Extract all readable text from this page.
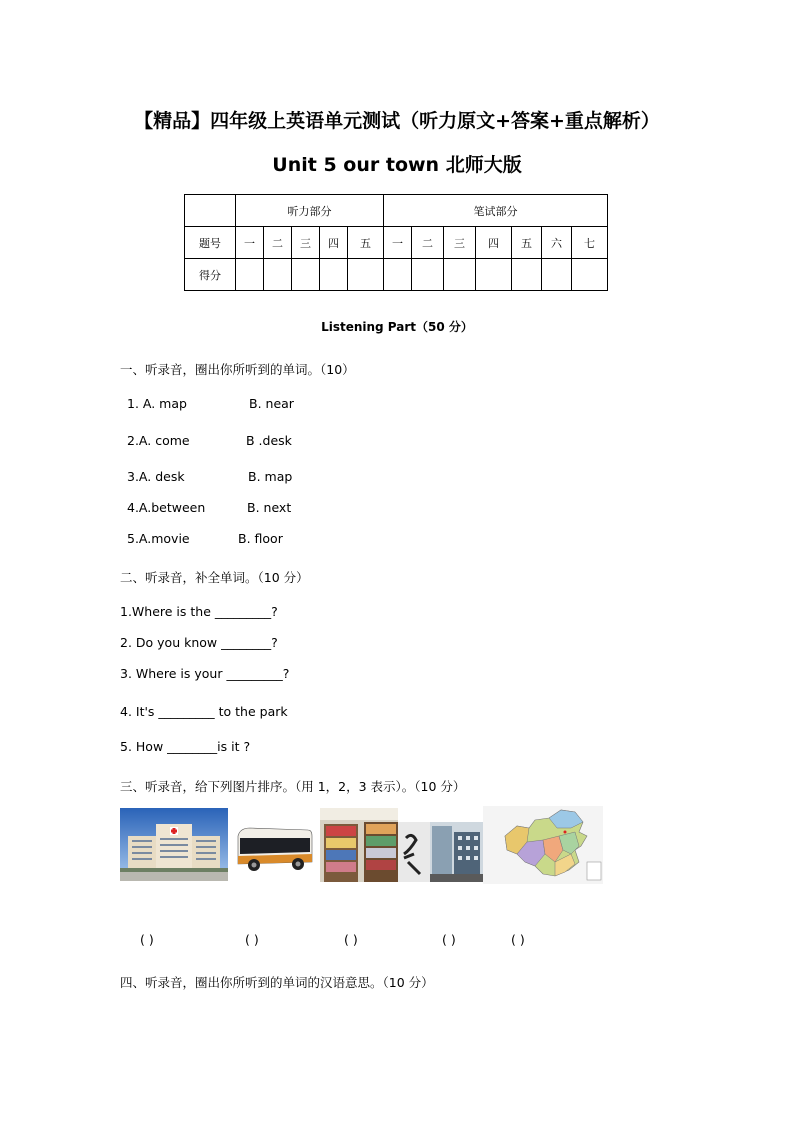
【精品】四年级上英语单元测试（听力原文+答案+重点解析）
Unit 5 our town 北师大版
	听力部分					笔试部分						
题号	一	二	三	四	五	一	二	三	四	五	六	七
得分												
Listening Part（50 分）
一、听录音，圈出你所听到的单词。（10）
1. A. map	B. near
2.A. come	B .desk
3.A. desk	B. map
4.A.between	B. next
5.A.movie	B. floor
二、听录音，补全单词。（10 分）
1.Where is the _________?
2. Do you know ________?
3. Where is your _________?
4. It's _________ to the park
5. How ________is it ?
三、听录音，给下列图片排序。（用 1，2，3 表示）。（10 分）
( )	( )	( )	( )	( )
四、听录音，圈出你所听到的单词的汉语意思。（10 分）
